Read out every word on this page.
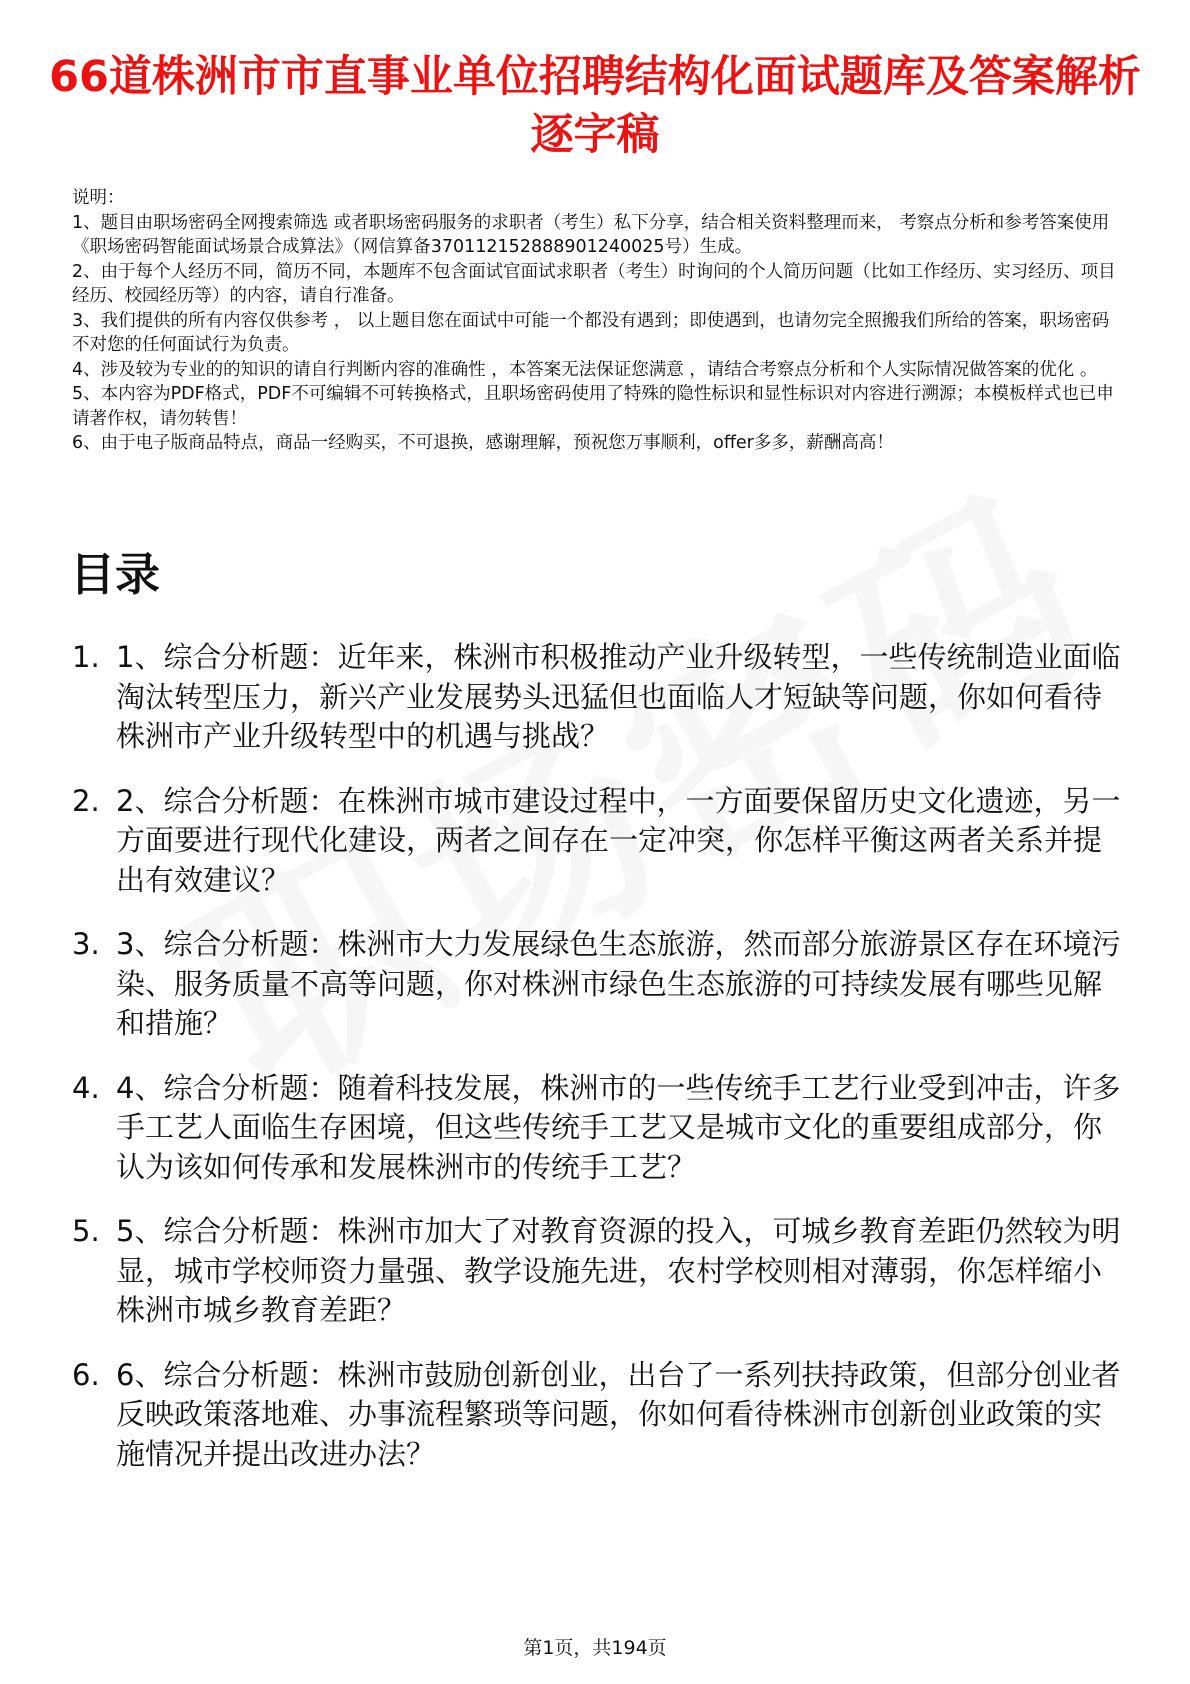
66道株洲市市直事业单位招聘结构化面试题库及答案解析逐字稿

说明：

1、题目由职场密码全网搜索筛选 或者职场密码服务的求职者（考生）私下分享，结合相关资料整理而来， 考察点分析和参考答案使用《职场密码智能面试场景合成算法》（网信算备370112152888901240025号）生成。

2、由于每个人经历不同，简历不同，本题库不包含面试官面试求职者（考生）时询问的个人简历问题（比如工作经历、实习经历、项目经历、校园经历等）的内容，请自行准备。

3、我们提供的所有内容仅供参考 ， 以上题目您在面试中可能一个都没有遇到；即使遇到，也请勿完全照搬我们所给的答案，职场密码不对您的任何面试行为负责。

4、涉及较为专业的的知识的请自行判断内容的准确性 ，本答案无法保证您满意 ，请结合考察点分析和个人实际情况做答案的优化 。

5、本内容为PDF格式，PDF不可编辑不可转换格式，且职场密码使用了特殊的隐性标识和显性标识对内容进行溯源；本模板样式也已申请著作权，请勿转售！

6、由于电子版商品特点，商品一经购买，不可退换，感谢理解，预祝您万事顺利，offer多多，薪酬高高！

目录
1. 1、综合分析题：近年来，株洲市积极推动产业升级转型，一些传统制造业面临淘汰转型压力，新兴产业发展势头迅猛但也面临人才短缺等问题，你如何看待株洲市产业升级转型中的机遇与挑战？
2. 2、综合分析题：在株洲市城市建设过程中，一方面要保留历史文化遗迹，另一方面要进行现代化建设，两者之间存在一定冲突，你怎样平衡这两者关系并提出有效建议？
3. 3、综合分析题：株洲市大力发展绿色生态旅游，然而部分旅游景区存在环境污染、服务质量不高等问题，你对株洲市绿色生态旅游的可持续发展有哪些见解和措施？
4. 4、综合分析题：随着科技发展，株洲市的一些传统手工艺行业受到冲击，许多手工艺人面临生存困境，但这些传统手工艺又是城市文化的重要组成部分，你认为该如何传承和发展株洲市的传统手工艺？
5. 5、综合分析题：株洲市加大了对教育资源的投入，可城乡教育差距仍然较为明显，城市学校师资力量强、教学设施先进，农村学校则相对薄弱，你怎样缩小株洲市城乡教育差距？
6. 6、综合分析题：株洲市鼓励创新创业，出台了一系列扶持政策，但部分创业者反映政策落地难、办事流程繁琐等问题，你如何看待株洲市创新创业政策的实施情况并提出改进办法？
第1页，共194页
